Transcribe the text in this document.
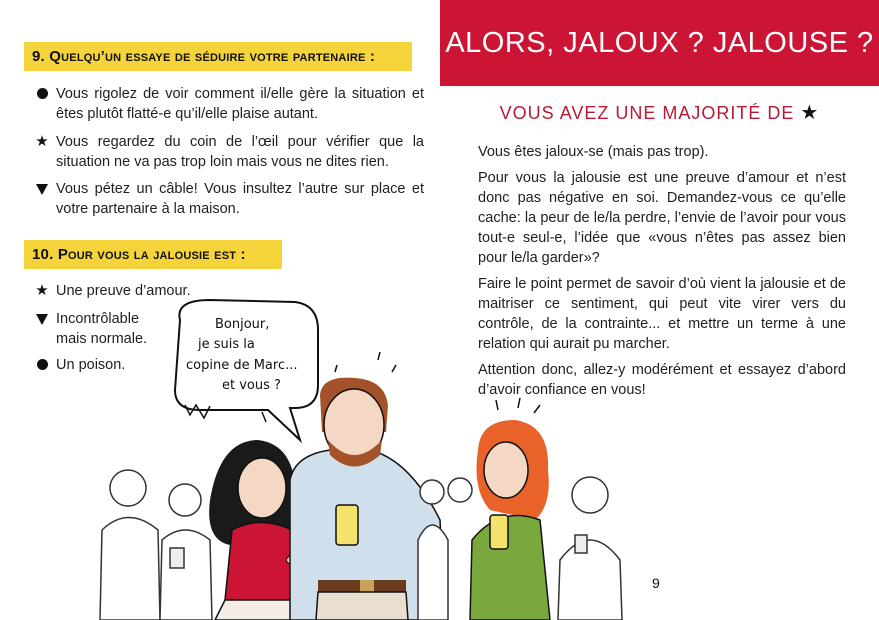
9. Quelqu’un essaye de séduire votre partenaire :
Vous rigolez de voir comment il/elle gère la situation et êtes plutôt flatté-e qu’il/elle plaise autant.
★
Vous regardez du coin de l’œil pour vérifier que la situation ne va pas trop loin mais vous ne dites rien.
Vous pétez un câble! Vous insultez l’autre sur place et votre partenaire à la maison.
10. Pour vous la jalousie est :
★
Une preuve d’amour.
Incontrôlable
mais normale.
Un poison.
ALORS, JALOUX ? JALOUSE ?
VOUS AVEZ UNE MAJORITÉ DE ★

Vous êtes jaloux-se (mais pas trop).

Pour vous la jalousie est une preuve d’amour et n’est donc pas négative en soi. Demandez-vous ce qu’elle cache: la peur de le/la perdre, l’envie de l’avoir pour vous tout-e seul-e, l’idée que «vous n’êtes pas assez bien pour le/la garder»?

Faire le point permet de savoir d’où vient la jalousie et de maitriser ce sentiment, qui peut vite virer vers du contrôle, de la contrainte... et mettre un terme à une relation qui aurait pu marcher.

Attention donc, allez-y modérément et essayez d’abord d’avoir confiance en vous!

9
Bonjour,
je suis la
copine de Marc...
et vous ?
